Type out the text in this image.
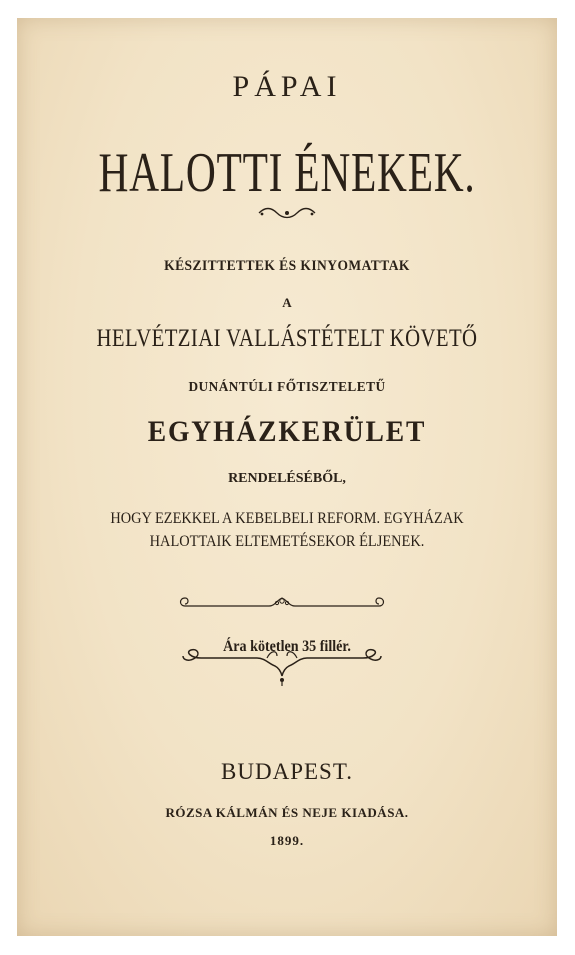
PÁPAI
HALOTTI ÉNEKEK.
KÉSZITTETTEK ÉS KINYOMATTAK
A
HELVÉTZIAI VALLÁSTÉTELT KÖVETŐ
DUNÁNTÚLI FŐTISZTELETŰ
EGYHÁZKERÜLET
RENDELÉSÉBŐL,
HOGY EZEKKEL A KEBELBELI REFORM. EGYHÁZAK
HALOTTAIK ELTEMETÉSEKOR ÉLJENEK.
Ára kötetlen 35 fillér.
BUDAPEST.
RÓZSA KÁLMÁN ÉS NEJE KIADÁSA.
1899.
